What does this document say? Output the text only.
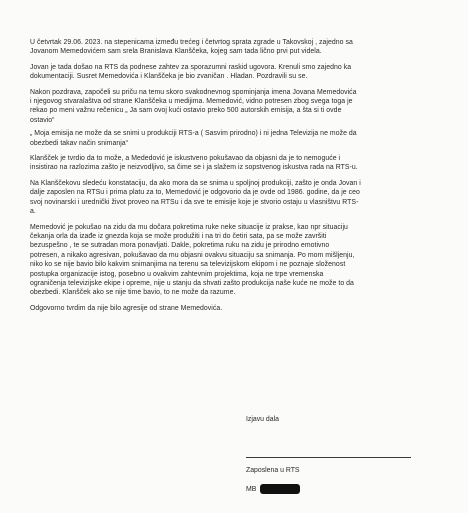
U četvrtak 29.06. 2023. na stepenicama između trećeg i četvrtog sprata zgrade u Takovskoj , zajedno sa
Jovanom Memedovićem sam srela Branislava Klanščeka, kojeg sam tada lično prvi put videla.

Jovan je tada došao na RTS da podnese zahtev za sporazumni raskid ugovora. Krenuli smo zajedno ka
dokumentaciji. Susret Memedovića i Klanščeka je bio zvaničan . Hladan. Pozdravili su se.

Nakon pozdrava, započeli su priču na temu skoro svakodnevnog spominjanja imena Jovana Memedovića
i njegovog stvaralaštva od strane Klanščeka u medijima. Memedović, vidno potresen zbog svega toga je
rekao po meni važnu rečenicu „ Ja sam ovoj kući ostavio preko 500 autorskih emisija, a šta si ti ovde
ostavio“

„ Moja emisija ne može da se snimi u produkciji RTS-a ( Sasvim prirodno) i ni jedna Televizija ne može da
obezbedi takav način snimanja“

Klanšček je tvrdio da to može, a Medеdović je iskustveno pokušavao da objasni da je to nemoguće i
insistirao na razlozima zašto je neizvodljivo, sa čime se i ja slažem iz sopstvenog iskustva rada na RTS-u.

Na Klanščekovu sledeću konstataciju, da ako mora da se snima u spoljnoj produkciji, zašto je onda Jovan i
dalje zaposlen na RTSu i prima platu za to, Memedović je odgovorio da je ovde od 1986. godine, da je ceo
svoj novinarski i urednički život proveo na RTSu i da sve te emisije koje je stvorio ostaju u vlasništvu RTS-
a.

Memedović je pokušao na zidu da mu dočara pokretima ruke neke situacije iz prakse, kao npr situaciju
čekanja orla da izađe iz gnezda koja se može produžiti i na tri do četiri sata, pa se može završiti
bezuspešno , te se sutradan mora ponavljati. Dakle, pokretima ruku na zidu je prirodno emotivno
potresen, a nikako agresivan, pokušavao da mu objasni ovakvu situaciju sa snimanja. Po mom mišljenju,
niko ko se nije bavio bilo kakvim snimanjima na terenu sa televizijskom ekipom i ne poznaje složenost
postupka organizacije istog, posebno u ovakvim zahtevnim projektima, koja ne trpe vremenska
ograničenja televizijske ekipe i opreme, nije u stanju da shvati zašto produkcija naše kuće ne može to da
obezbedi. Klanšček ako se nije time bavio, to ne može da razume.

Odgovorno tvrdim da nije bilo agresije od strane Memedovića.

Izjavu dala
Zaposlena u RTS
MB
